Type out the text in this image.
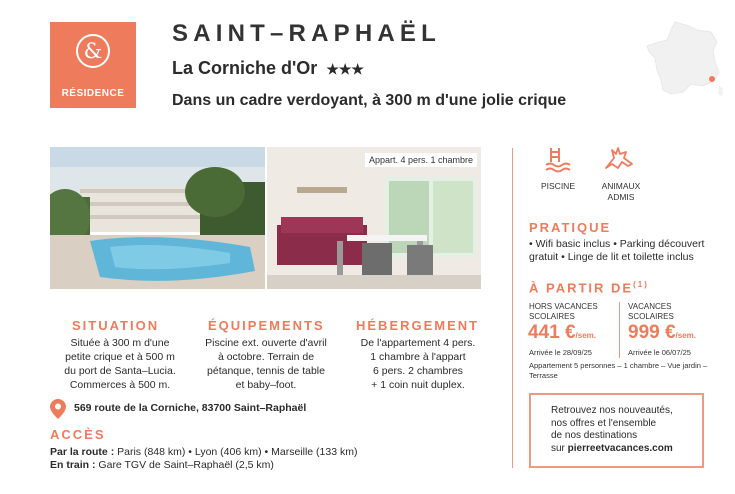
&
RÉSIDENCE
SAINT–RAPHAËL
La Corniche d'Or ★★★
Dans un cadre verdoyant, à 300 m d'une jolie crique
Appart. 4 pers. 1 chambre
SITUATION
Située à 300 m d'une
petite crique et à 500 m
du port de Santa–Lucia.
Commerces à 500 m.
ÉQUIPEMENTS
Piscine ext. ouverte d'avril
à octobre. Terrain de
pétanque, tennis de table
et baby–foot.
HÉBERGEMENT
De l'appartement 4 pers.
1 chambre à l'appart
6 pers. 2 chambres
+ 1 coin nuit duplex.
569 route de la Corniche, 83700 Saint–Raphaël
ACCÈS
Par la route : Paris (848 km) • Lyon (406 km) • Marseille (133 km)
En train : Gare TGV de Saint–Raphaël (2,5 km)
PISCINE	ANIMAUX
ADMIS
PRATIQUE
• Wifi basic inclus • Parking découvert
gratuit • Linge de lit et toilette inclus
À PARTIR DE$^{(1)}$
HORS VACANCES
SCOLAIRES
VACANCES
SCOLAIRES
441 €/sem. 999 €/sem.
Arrivée le 28/09/25	Arrivée le 06/07/25
Appartement 5 personnes – 1 chambre – Vue jardin –
Terrasse

Retrouvez nos nouveautés,
nos offres et l'ensemble
de nos destinations
sur pierreetvacances.com
